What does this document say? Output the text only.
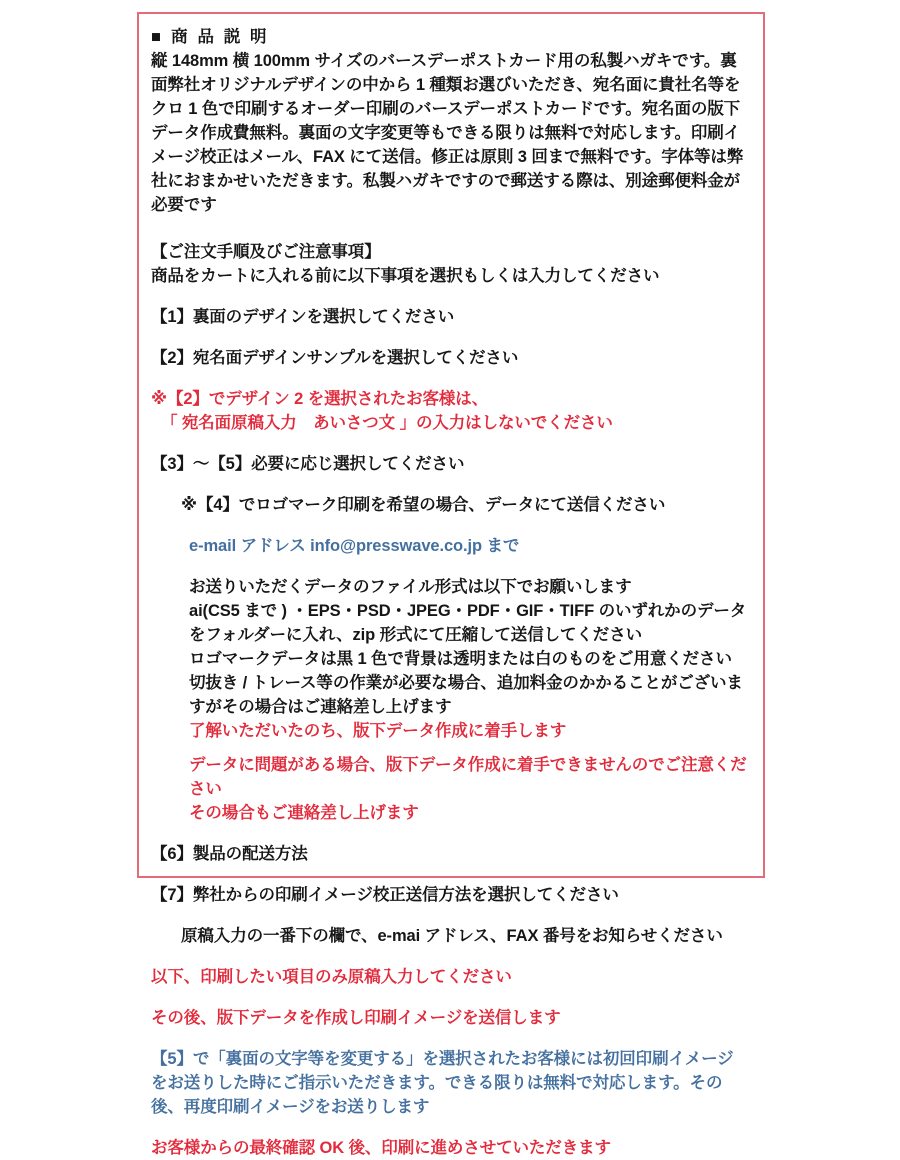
■ 商 品 説 明
縦 148mm 横 100mm サイズのバースデーポストカード用の私製ハガキです。裏面弊社オリジナルデザインの中から 1 種類お選びいただき、宛名面に貴社名等をクロ 1 色で印刷するオーダー印刷のバースデーポストカードです。宛名面の版下データ作成費無料。裏面の文字変更等もできる限りは無料で対応します。印刷イメージ校正はメール、FAX にて送信。修正は原則 3 回まで無料です。字体等は弊社におまかせいただきます。私製ハガキですので郵送する際は、別途郵便料金が必要です
【ご注文手順及びご注意事項】
商品をカートに入れる前に以下事項を選択もしくは入力してください
【1】裏面のデザインを選択してください
【2】宛名面デザインサンプルを選択してください
※【2】でデザイン 2 を選択されたお客様は、
「 宛名面原稿入力　あいさつ文 」の入力はしないでください
【3】〜【5】必要に応じ選択してください
※【4】でロゴマーク印刷を希望の場合、データにて送信ください
e-mail アドレス info@presswave.co.jp まで
お送りいただくデータのファイル形式は以下でお願いします
ai(CS5 まで ) ・EPS・PSD・JPEG・PDF・GIF・TIFF のいずれかのデータをフォルダーに入れ、zip 形式にて圧縮して送信してください
ロゴマークデータは黒 1 色で背景は透明または白のものをご用意ください
切抜き / トレース等の作業が必要な場合、追加料金のかかることがございますがその場合はご連絡差し上げます
了解いただいたのち、版下データ作成に着手します
データに問題がある場合、版下データ作成に着手できませんのでご注意ください
その場合もご連絡差し上げます
【6】製品の配送方法
【7】弊社からの印刷イメージ校正送信方法を選択してください
原稿入力の一番下の欄で、e-mai アドレス、FAX 番号をお知らせください
以下、印刷したい項目のみ原稿入力してください
その後、版下データを作成し印刷イメージを送信します
【5】で「裏面の文字等を変更する」を選択されたお客様には初回印刷イメージをお送りした時にご指示いただきます。できる限りは無料で対応します。その後、再度印刷イメージをお送りします
お客様からの最終確認 OK 後、印刷に進めさせていただきます
